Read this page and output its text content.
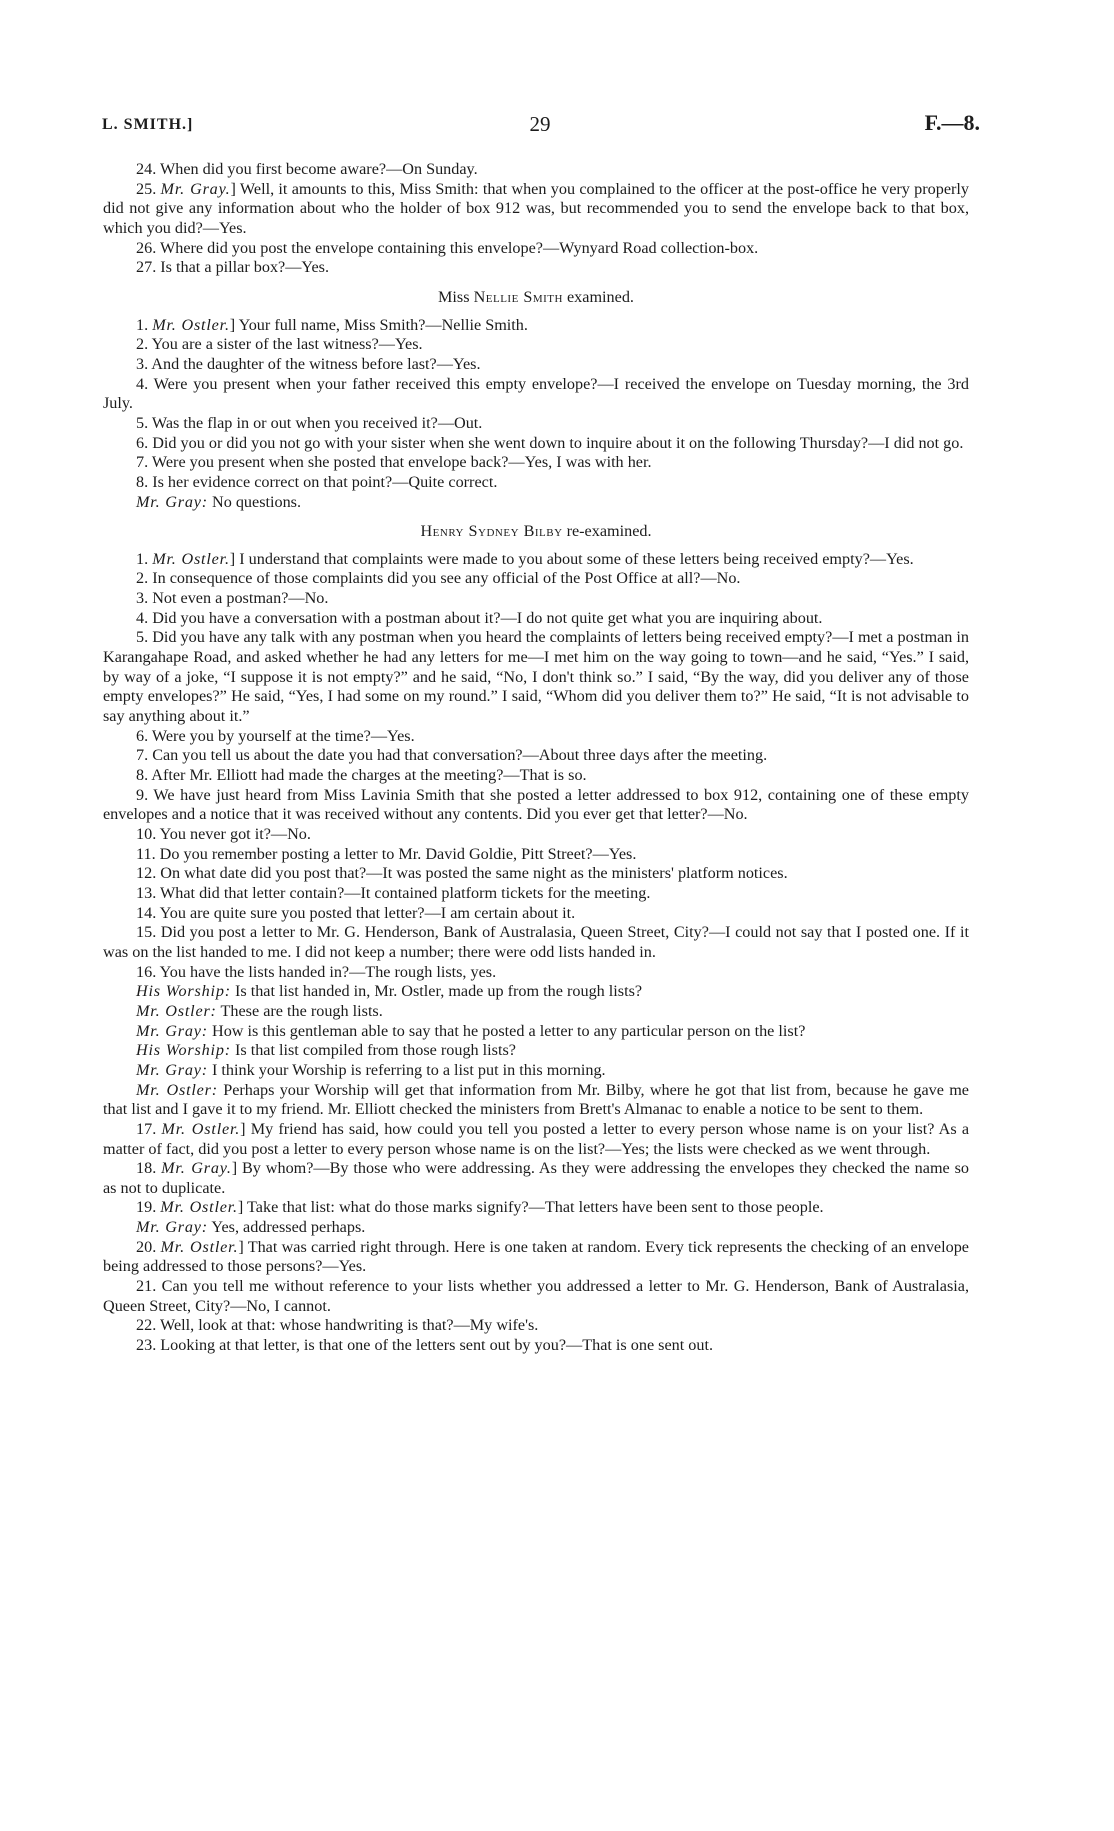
L. SMITH.]	29	F.—8.

24. When did you first become aware?—On Sunday.

25. Mr. Gray.] Well, it amounts to this, Miss Smith: that when you complained to the officer at the post-office he very properly did not give any information about who the holder of box 912 was, but recommended you to send the envelope back to that box, which you did?—Yes.

26. Where did you post the envelope containing this envelope?—Wynyard Road collection-box.

27. Is that a pillar box?—Yes.

Miss Nellie Smith examined.

1. Mr. Ostler.] Your full name, Miss Smith?—Nellie Smith.

2. You are a sister of the last witness?—Yes.

3. And the daughter of the witness before last?—Yes.

4. Were you present when your father received this empty envelope?—I received the envelope on Tuesday morning, the 3rd July.

5. Was the flap in or out when you received it?—Out.

6. Did you or did you not go with your sister when she went down to inquire about it on the following Thursday?—I did not go.

7. Were you present when she posted that envelope back?—Yes, I was with her.

8. Is her evidence correct on that point?—Quite correct.

Mr. Gray: No questions.

Henry Sydney Bilby re-examined.

1. Mr. Ostler.] I understand that complaints were made to you about some of these letters being received empty?—Yes.

2. In consequence of those complaints did you see any official of the Post Office at all?—No.

3. Not even a postman?—No.

4. Did you have a conversation with a postman about it?—I do not quite get what you are inquiring about.

5. Did you have any talk with any postman when you heard the complaints of letters being received empty?—I met a postman in Karangahape Road, and asked whether he had any letters for me—I met him on the way going to town—and he said, “Yes.” I said, by way of a joke, “I suppose it is not empty?” and he said, “No, I don't think so.” I said, “By the way, did you deliver any of those empty envelopes?” He said, “Yes, I had some on my round.” I said, “Whom did you deliver them to?” He said, “It is not advisable to say anything about it.”

6. Were you by yourself at the time?—Yes.

7. Can you tell us about the date you had that conversation?—About three days after the meeting.

8. After Mr. Elliott had made the charges at the meeting?—That is so.

9. We have just heard from Miss Lavinia Smith that she posted a letter addressed to box 912, containing one of these empty envelopes and a notice that it was received without any contents. Did you ever get that letter?—No.

10. You never got it?—No.

11. Do you remember posting a letter to Mr. David Goldie, Pitt Street?—Yes.

12. On what date did you post that?—It was posted the same night as the ministers' platform notices.

13. What did that letter contain?—It contained platform tickets for the meeting.

14. You are quite sure you posted that letter?—I am certain about it.

15. Did you post a letter to Mr. G. Henderson, Bank of Australasia, Queen Street, City?—I could not say that I posted one. If it was on the list handed to me. I did not keep a number; there were odd lists handed in.

16. You have the lists handed in?—The rough lists, yes.

His Worship: Is that list handed in, Mr. Ostler, made up from the rough lists?

Mr. Ostler: These are the rough lists.

Mr. Gray: How is this gentleman able to say that he posted a letter to any particular person on the list?

His Worship: Is that list compiled from those rough lists?

Mr. Gray: I think your Worship is referring to a list put in this morning.

Mr. Ostler: Perhaps your Worship will get that information from Mr. Bilby, where he got that list from, because he gave me that list and I gave it to my friend. Mr. Elliott checked the ministers from Brett's Almanac to enable a notice to be sent to them.

17. Mr. Ostler.] My friend has said, how could you tell you posted a letter to every person whose name is on your list? As a matter of fact, did you post a letter to every person whose name is on the list?—Yes; the lists were checked as we went through.

18. Mr. Gray.] By whom?—By those who were addressing. As they were addressing the envelopes they checked the name so as not to duplicate.

19. Mr. Ostler.] Take that list: what do those marks signify?—That letters have been sent to those people.

Mr. Gray: Yes, addressed perhaps.

20. Mr. Ostler.] That was carried right through. Here is one taken at random. Every tick represents the checking of an envelope being addressed to those persons?—Yes.

21. Can you tell me without reference to your lists whether you addressed a letter to Mr. G. Henderson, Bank of Australasia, Queen Street, City?—No, I cannot.

22. Well, look at that: whose handwriting is that?—My wife's.

23. Looking at that letter, is that one of the letters sent out by you?—That is one sent out.
